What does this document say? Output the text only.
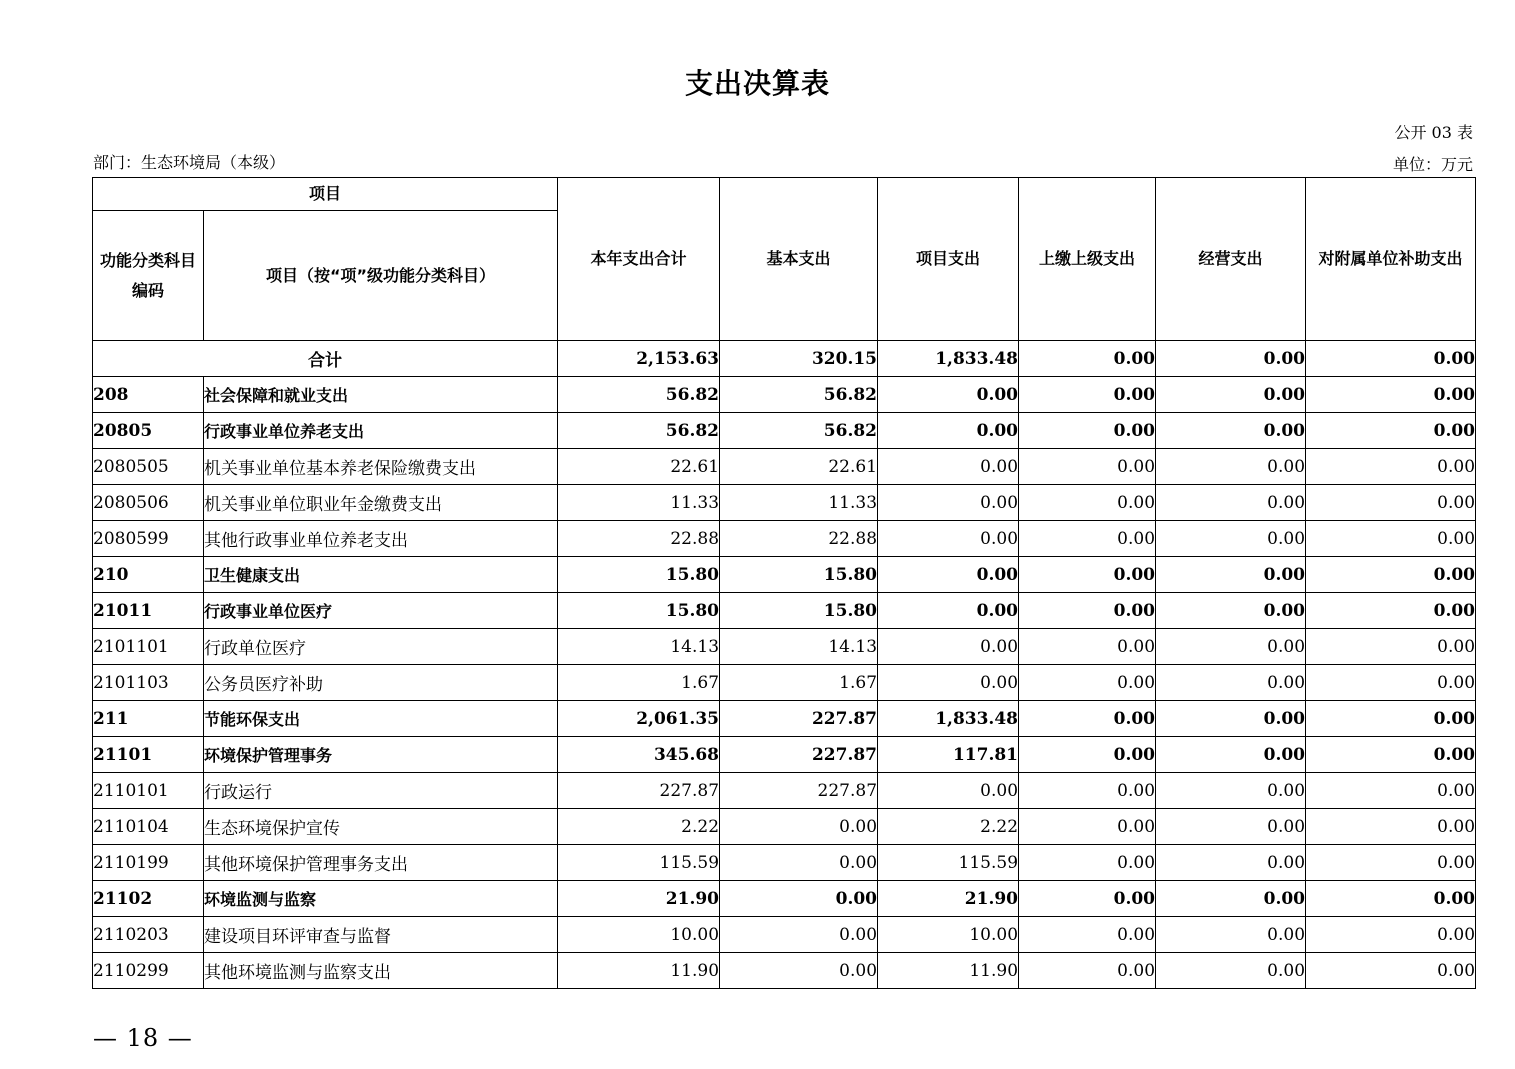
支出决算表
公开 03 表
部门：生态环境局（本级）	单位：万元
项目		本年支出合计	基本支出	项目支出	上缴上级支出	经营支出	对附属单位补助支出
功能分类科目编码	项目（按“项”级功能分类科目）						
合计		2,153.63	320.15	1,833.48	0.00	0.00	0.00
208	社会保障和就业支出	56.82	56.82	0.00	0.00	0.00	0.00
20805	行政事业单位养老支出	56.82	56.82	0.00	0.00	0.00	0.00
2080505	机关事业单位基本养老保险缴费支出	22.61	22.61	0.00	0.00	0.00	0.00
2080506	机关事业单位职业年金缴费支出	11.33	11.33	0.00	0.00	0.00	0.00
2080599	其他行政事业单位养老支出	22.88	22.88	0.00	0.00	0.00	0.00
210	卫生健康支出	15.80	15.80	0.00	0.00	0.00	0.00
21011	行政事业单位医疗	15.80	15.80	0.00	0.00	0.00	0.00
2101101	行政单位医疗	14.13	14.13	0.00	0.00	0.00	0.00
2101103	公务员医疗补助	1.67	1.67	0.00	0.00	0.00	0.00
211	节能环保支出	2,061.35	227.87	1,833.48	0.00	0.00	0.00
21101	环境保护管理事务	345.68	227.87	117.81	0.00	0.00	0.00
2110101	行政运行	227.87	227.87	0.00	0.00	0.00	0.00
2110104	生态环境保护宣传	2.22	0.00	2.22	0.00	0.00	0.00
2110199	其他环境保护管理事务支出	115.59	0.00	115.59	0.00	0.00	0.00
21102	环境监测与监察	21.90	0.00	21.90	0.00	0.00	0.00
2110203	建设项目环评审查与监督	10.00	0.00	10.00	0.00	0.00	0.00
2110299	其他环境监测与监察支出	11.90	0.00	11.90	0.00	0.00	0.00
— 18 —
